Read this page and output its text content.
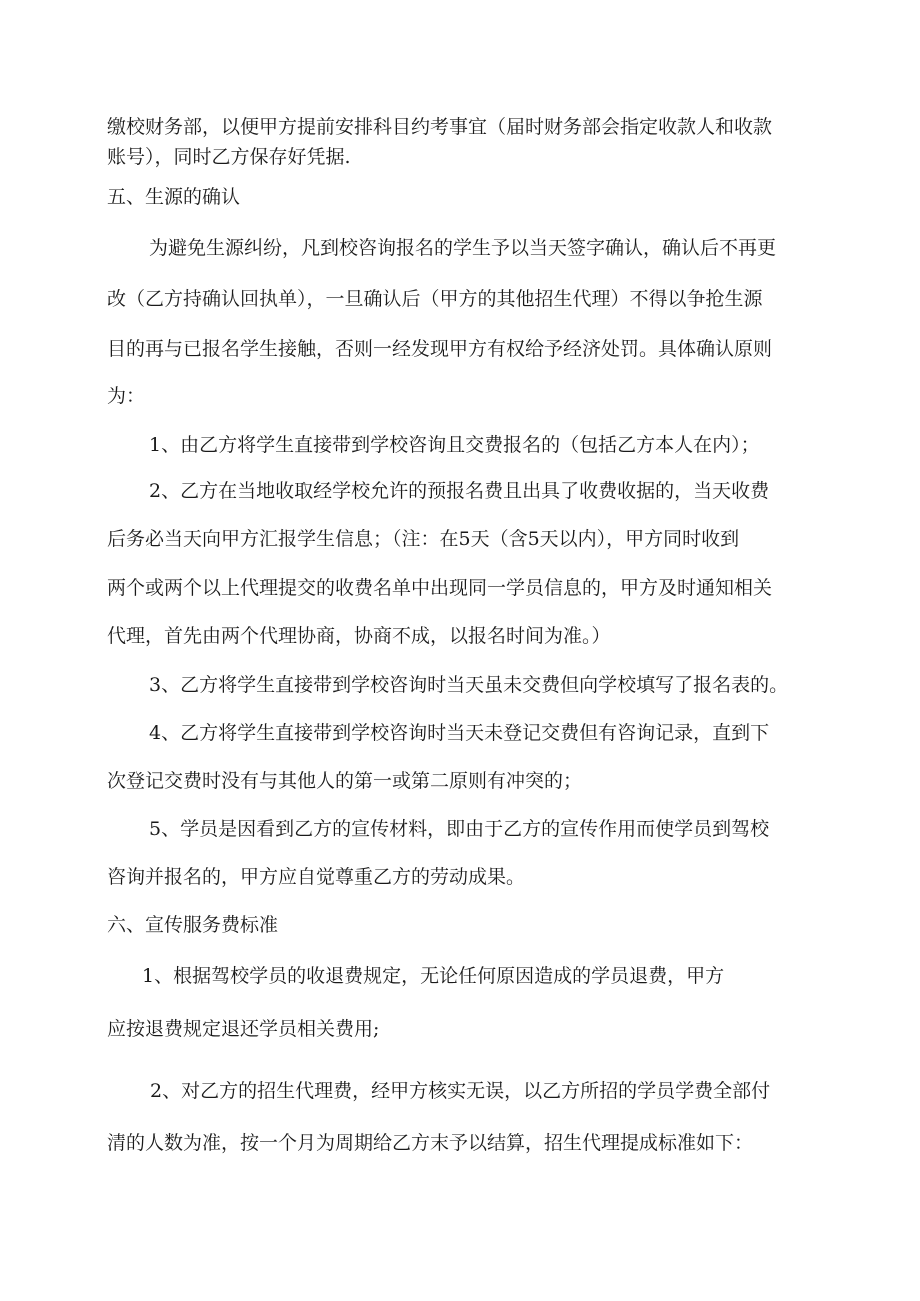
缴校财务部，以便甲方提前安排科目约考事宜（届时财务部会指定收款人和收款
账号），同时乙方保存好凭据.
五、生源的确认
为避免生源纠纷，凡到校咨询报名的学生予以当天签字确认，确认后不再更
改（乙方持确认回执单），一旦确认后（甲方的其他招生代理）不得以争抢生源
目的再与已报名学生接触，否则一经发现甲方有权给予经济处罚。具体确认原则
为：
1、由乙方将学生直接带到学校咨询且交费报名的（包括乙方本人在内）；
2、乙方在当地收取经学校允许的预报名费且出具了收费收据的，当天收费
后务必当天向甲方汇报学生信息；（注：在5天（含5天以内），甲方同时收到
两个或两个以上代理提交的收费名单中出现同一学员信息的，甲方及时通知相关
代理，首先由两个代理协商，协商不成，以报名时间为准。）
3、乙方将学生直接带到学校咨询时当天虽未交费但向学校填写了报名表的。
4、乙方将学生直接带到学校咨询时当天未登记交费但有咨询记录，直到下
次登记交费时没有与其他人的第一或第二原则有冲突的；
5、学员是因看到乙方的宣传材料，即由于乙方的宣传作用而使学员到驾校
咨询并报名的，甲方应自觉尊重乙方的劳动成果。
六、宣传服务费标准
1、根据驾校学员的收退费规定，无论任何原因造成的学员退费，甲方
应按退费规定退还学员相关费用;
2、对乙方的招生代理费，经甲方核实无误，以乙方所招的学员学费全部付
清的人数为准，按一个月为周期给乙方末予以结算，招生代理提成标准如下：
